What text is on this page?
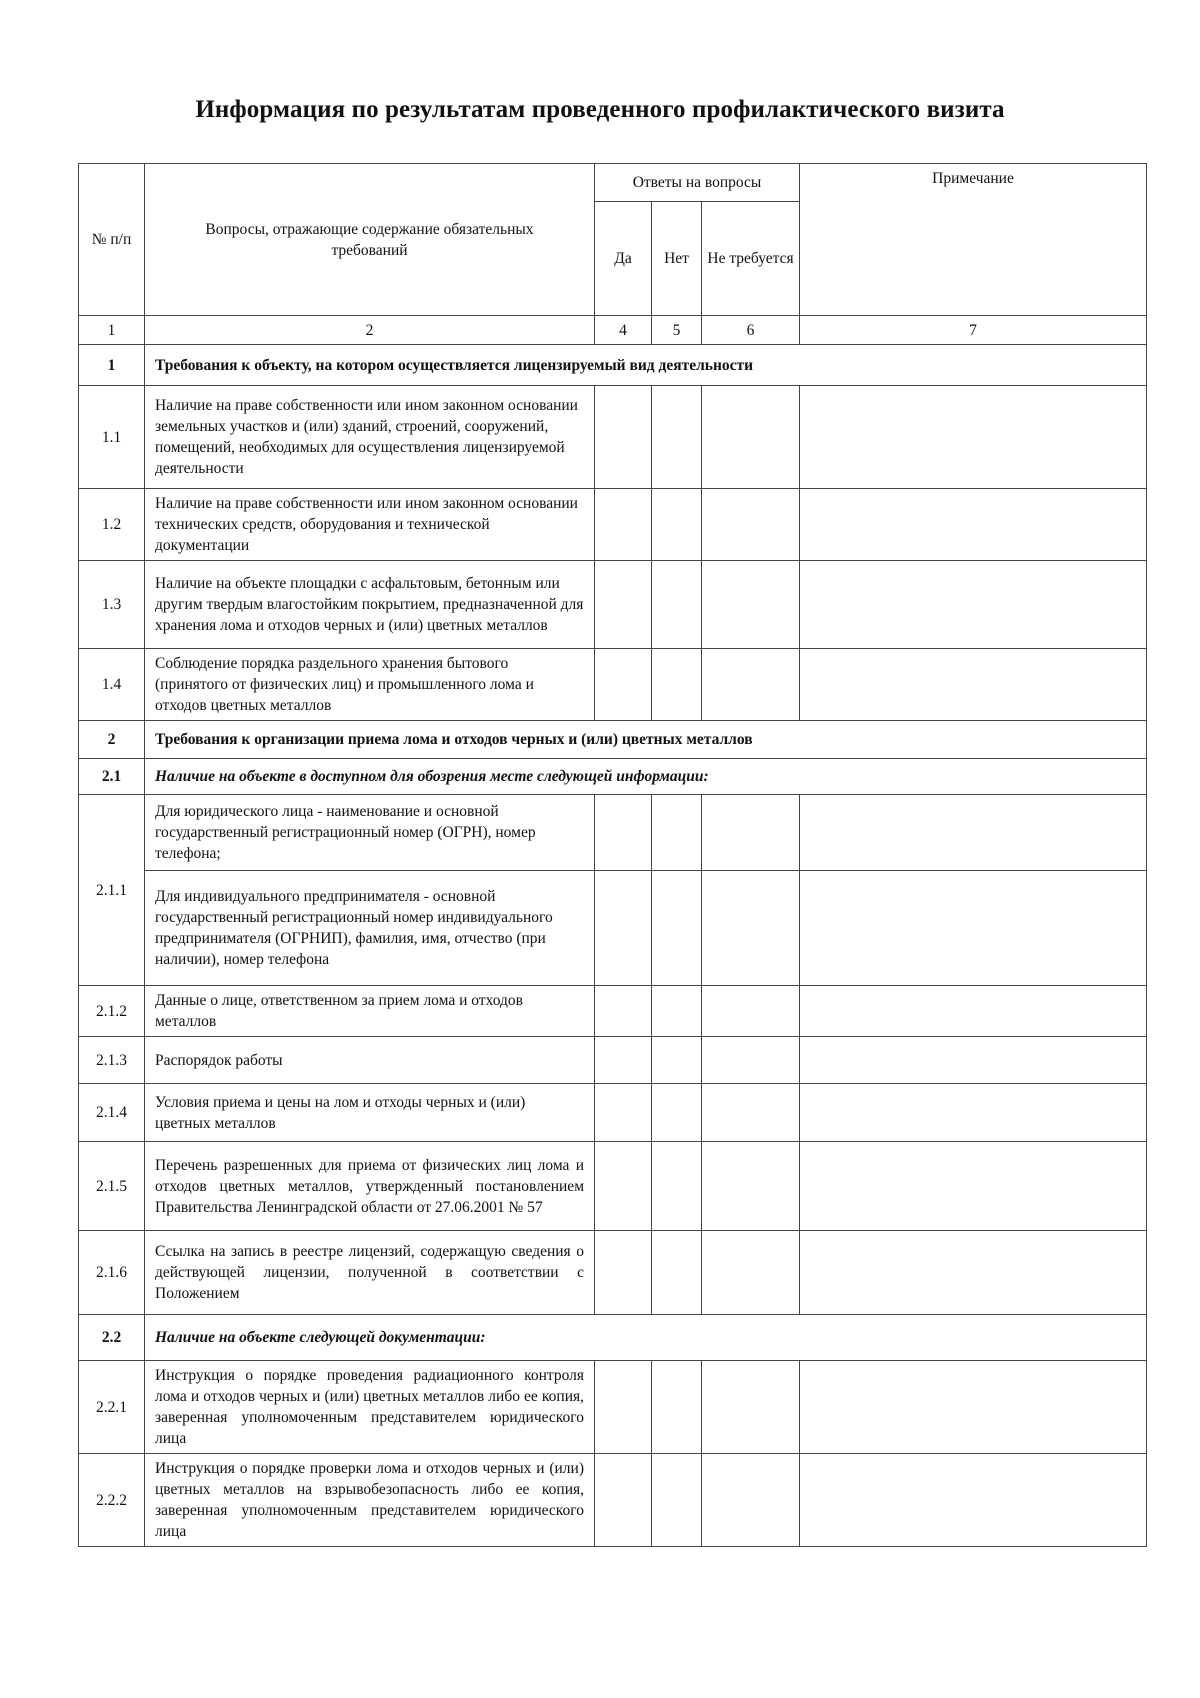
Информация по результатам проведенного профилактического визита
№ п/п	Вопросы, отражающие содержание обязательных требований	Ответы на вопросы			Примечание
		Да	Нет	Не требуется	
1	2	4	5	6	7
1	Требования к объекту, на котором осуществляется лицензируемый вид деятельности				
1.1	Наличие на праве собственности или ином законном основании земельных участков и (или) зданий, строений, сооружений, помещений, необходимых для осуществления лицензируемой деятельности				
1.2	Наличие на праве собственности или ином законном основании технических средств, оборудования и технической документации				
1.3	Наличие на объекте площадки с асфальтовым, бетонным или другим твердым влагостойким покрытием, предназначенной для хранения лома и отходов черных и (или) цветных металлов				
1.4	Соблюдение порядка раздельного хранения бытового (принятого от физических лиц) и промышленного лома и отходов цветных металлов				
2	Требования к организации приема лома и отходов черных и (или) цветных металлов				
2.1	Наличие на объекте в доступном для обозрения месте следующей информации:				
2.1.1	Для юридического лица - наименование и основной государственный регистрационный номер (ОГРН), номер телефона;				
	Для индивидуального предпринимателя - основной государственный регистрационный номер индивидуального предпринимателя (ОГРНИП), фамилия, имя, отчество (при наличии), номер телефона				
2.1.2	Данные о лице, ответственном за прием лома и отходов металлов				
2.1.3	Распорядок работы				
2.1.4	Условия приема и цены на лом и отходы черных и (или) цветных металлов				
2.1.5	Перечень разрешенных для приема от физических лиц лома и отходов цветных металлов, утвержденный постановлением Правительства Ленинградской области от 27.06.2001 № 57				
2.1.6	Ссылка на запись в реестре лицензий, содержащую сведения о действующей лицензии, полученной в соответствии с Положением				
2.2	Наличие на объекте следующей документации:				
2.2.1	Инструкция о порядке проведения радиационного контроля лома и отходов черных и (или) цветных металлов либо ее копия, заверенная уполномоченным представителем юридического лица				
2.2.2	Инструкция о порядке проверки лома и отходов черных и (или) цветных металлов на взрывобезопасность либо ее копия, заверенная уполномоченным представителем юридического лица				
